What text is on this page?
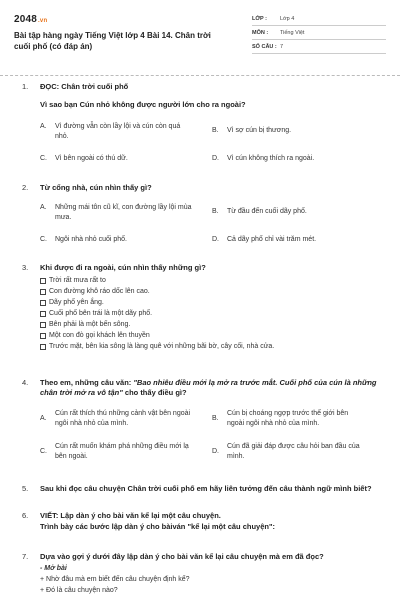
2048.vn
Bài tập hàng ngày Tiếng Việt lớp 4 Bài 14. Chân trời cuối phố (có đáp án)
LỚP :	Lớp 4
MÔN :	Tiếng Việt
SỐ CÂU : 7
1. ĐỌC: Chân trời cuối phố
Vì sao bạn Cún nhỏ không được người lớn cho ra ngoài?
A. Vì đường vẫn còn lầy lội và cún còn quá nhỏ.
B. Vì sợ cún bị thương.
C. Vì bên ngoài có thú dữ.	D. Vì cún không thích ra ngoài.
2. Từ cổng nhà, cún nhìn thấy gì?
A. Những mái tôn cũ kĩ, con đường lầy lội mùa mưa.
B. Từ đầu đến cuối dãy phố.
C. Ngôi nhà nhỏ cuối phố.	D. Cả dãy phố chỉ vài trăm mét.
3. Khi được đi ra ngoài, cún nhìn thấy những gì?
Trời rất mưa rất to
Con đường khô ráo dốc lên cao.
Dãy phố yên ắng.
Cuối phố bên trái là một dãy phố.
Bên phải là một bến sông.
Một con đò gọi khách lên thuyền
Trước mặt, bên kia sông là làng quê với những bãi bờ, cây cối, nhà cửa.
4. Theo em, những câu văn: "Bao nhiêu điều mới lạ mở ra trước mắt. Cuối phố của cún là những chân trời mở ra vô tận" cho thấy điều gì?
A.
Cún rất thích thú những cảnh vật bên ngoài ngôi nhà nhỏ của mình.
B.
Cún bị choáng ngợp trước thế giới bên ngoài ngôi nhà nhỏ của mình.
C.
Cún rất muốn khám phá những điều mới lạ bên ngoài.
D.
Cún đã giải đáp được câu hỏi ban đầu của mình.
5. Sau khi đọc câu chuyện Chân trời cuối phố em hãy liên tưởng đến câu thành ngữ mình biết?
6. VIẾT: Lập dàn ý cho bài văn kể lại một câu chuyện.
Trình bày các bước lập dàn ý cho bàiván "kể lại một câu chuyện":
7. Dựa vào gợi ý dưới đây lập dàn ý cho bài văn kể lại câu chuyện mà em đã đọc?
- Mở bài
+ Nhờ đâu mà em biết đến câu chuyện định kể?
+ Đó là câu chuyện nào?
